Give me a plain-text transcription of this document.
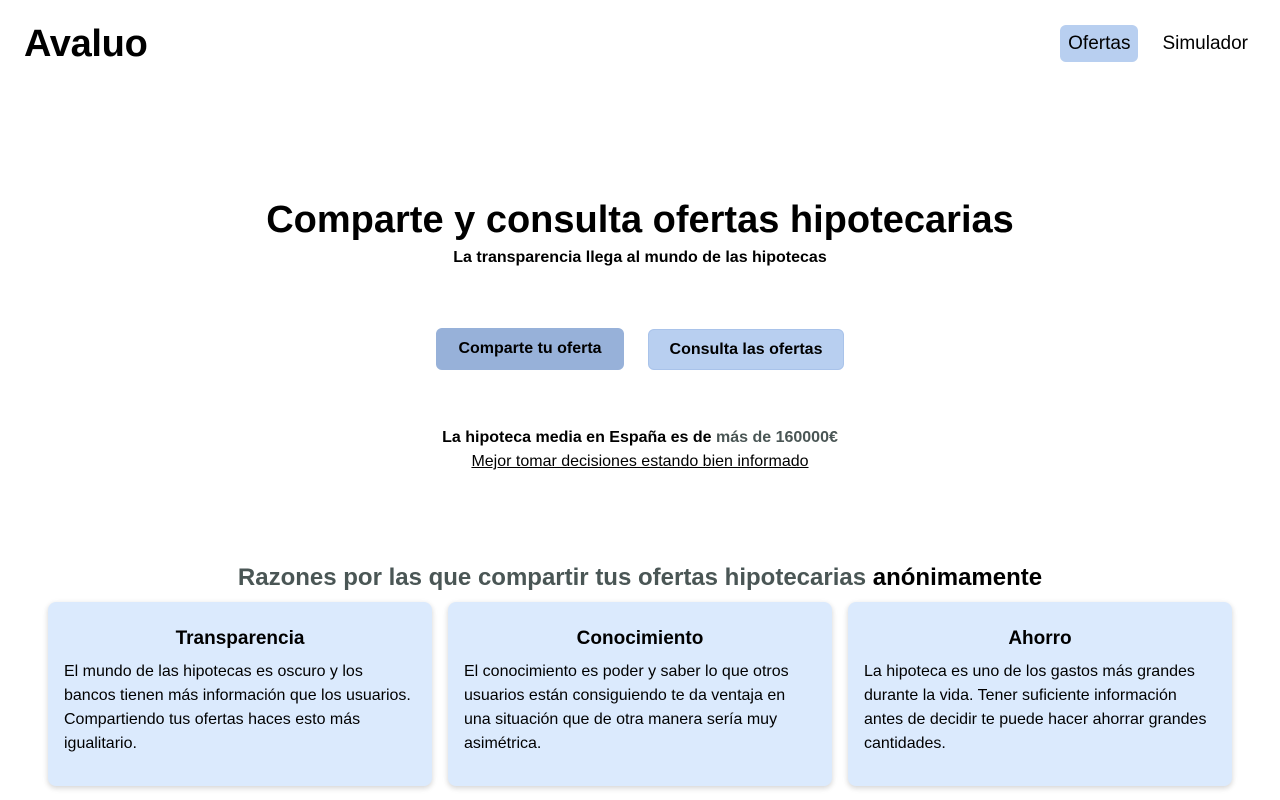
Avaluo	Ofertas	Simulador
Comparte y consulta ofertas hipotecarias

La transparencia llega al mundo de las hipotecas

Comparte tu oferta	Consulta las ofertas
La hipoteca media en España es de más de 160000€
Mejor tomar decisiones estando bien informado
Razones por las que compartir tus ofertas hipotecarias anónimamente
Transparencia

El mundo de las hipotecas es oscuro y los bancos tienen más información que los usuarios. Compartiendo tus ofertas haces esto más igualitario.

Conocimiento

El conocimiento es poder y saber lo que otros usuarios están consiguiendo te da ventaja en una situación que de otra manera sería muy asimétrica.

Ahorro

La hipoteca es uno de los gastos más grandes durante la vida. Tener suficiente información antes de decidir te puede hacer ahorrar grandes cantidades.
